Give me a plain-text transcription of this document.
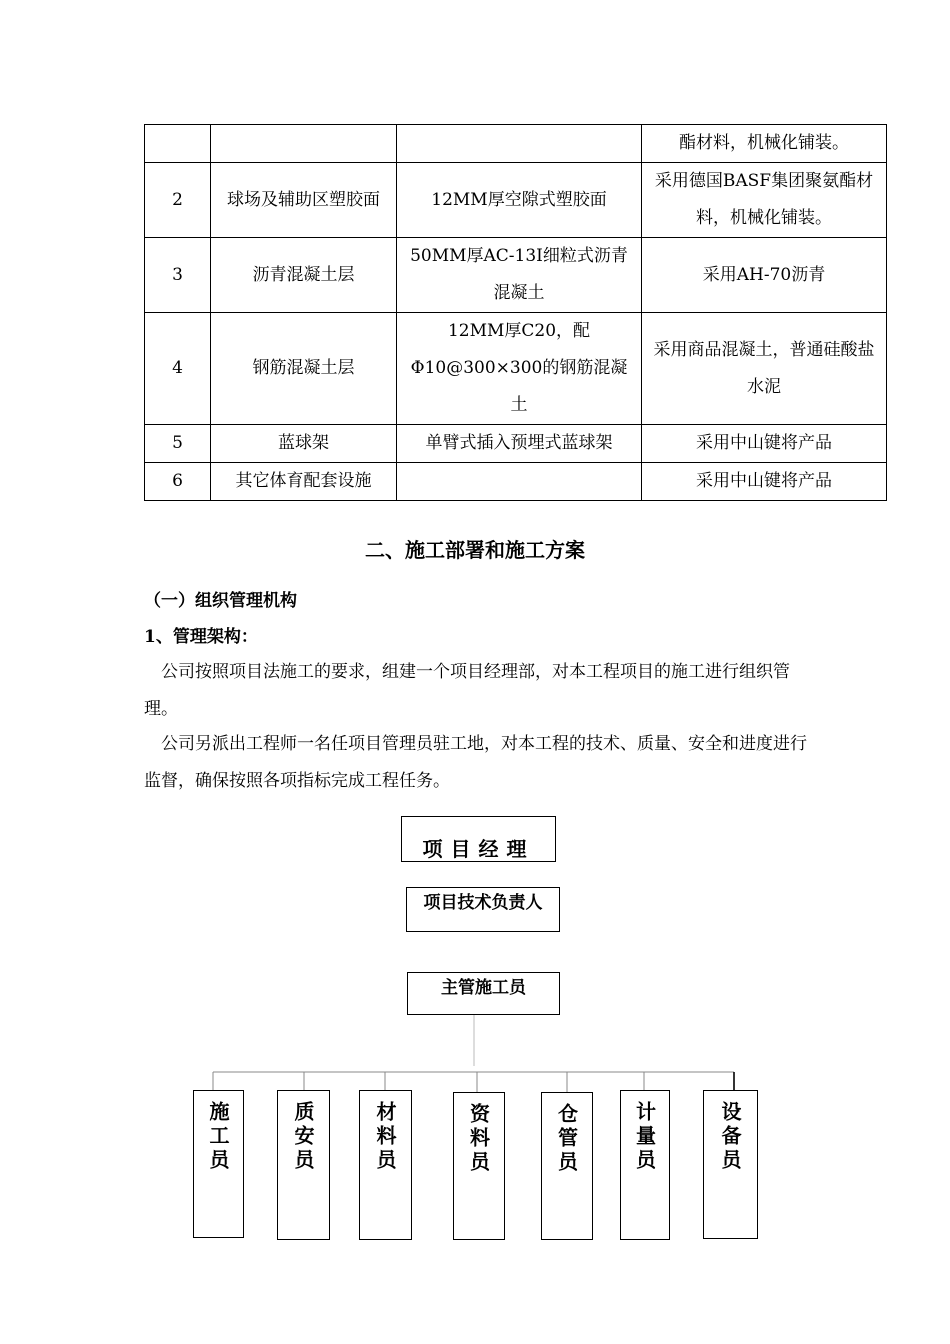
			酯材料，机械化铺装。
2	球场及辅助区塑胶面	12MM厚空隙式塑胶面	采用德国BASF集团聚氨酯材料，机械化铺装。
3	沥青混凝土层	50MM厚AC-13I细粒式沥青混凝土	采用AH-70沥青
4	钢筋混凝土层	12MM厚C20，配Φ10@300×300的钢筋混凝土	采用商品混凝土，普通硅酸盐水泥
5	蓝球架	单臂式插入预埋式蓝球架	采用中山键将产品
6	其它体育配套设施		采用中山键将产品
二、施工部署和施工方案
（一）组织管理机构
1、管理架构：
公司按照项目法施工的要求，组建一个项目经理部，对本工程项目的施工进行组织管理。
公司另派出工程师一名任项目管理员驻工地，对本工程的技术、质量、安全和进度进行监督，确保按照各项指标完成工程任务。
项目经理
项目技术负责人
主管施工员
施工员	质安员	材料员	资料员	仓管员	计量员	设备员
